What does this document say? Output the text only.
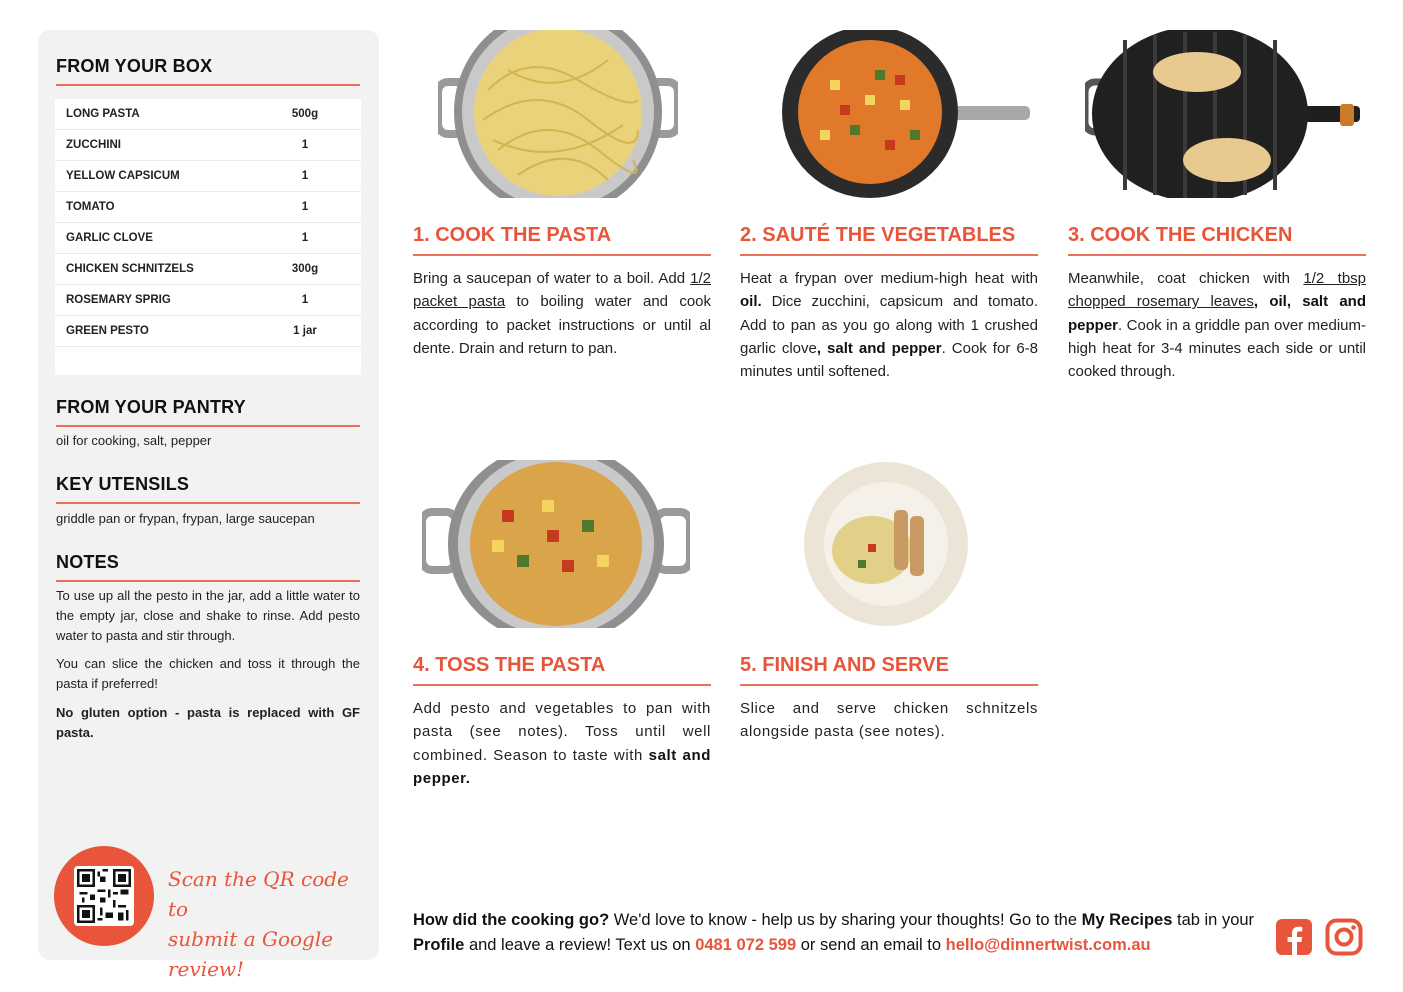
FROM YOUR BOX
LONG PASTA	500g
ZUCCHINI	1
YELLOW CAPSICUM	1
TOMATO	1
GARLIC CLOVE	1
CHICKEN SCHNITZELS	300g
ROSEMARY SPRIG	1
GREEN PESTO	1 jar
FROM YOUR PANTRY
oil for cooking, salt, pepper
KEY UTENSILS
griddle pan or frypan, frypan, large saucepan
NOTES
To use up all the pesto in the jar, add a little water to the empty jar, close and shake to rinse. Add pesto water to pasta and stir through.
You can slice the chicken and toss it through the pasta if preferred!
No gluten option - pasta is replaced with GF pasta.
Scan the QR code to
submit a Google review!
1. COOK THE PASTA
Bring a saucepan of water to a boil. Add 1/2 packet pasta to boiling water and cook according to packet instructions or until al dente. Drain and return to pan.
2. SAUTÉ THE VEGETABLES
Heat a frypan over medium-high heat with oil. Dice zucchini, capsicum and tomato. Add to pan as you go along with 1 crushed garlic clove, salt and pepper. Cook for 6-8 minutes until softened.
3. COOK THE CHICKEN
Meanwhile, coat chicken with 1/2 tbsp chopped rosemary leaves, oil, salt and pepper. Cook in a griddle pan over medium-high heat for 3-4 minutes each side or until cooked through.
4. TOSS THE PASTA
Add pesto and vegetables to pan with pasta (see notes). Toss until well combined. Season to taste with salt and pepper.
5. FINISH AND SERVE
Slice and serve chicken schnitzels alongside pasta (see notes).
How did the cooking go? We'd love to know - help us by sharing your thoughts! Go to the My Recipes tab in your Profile and leave a review! Text us on 0481 072 599 or send an email to hello@dinnertwist.com.au
